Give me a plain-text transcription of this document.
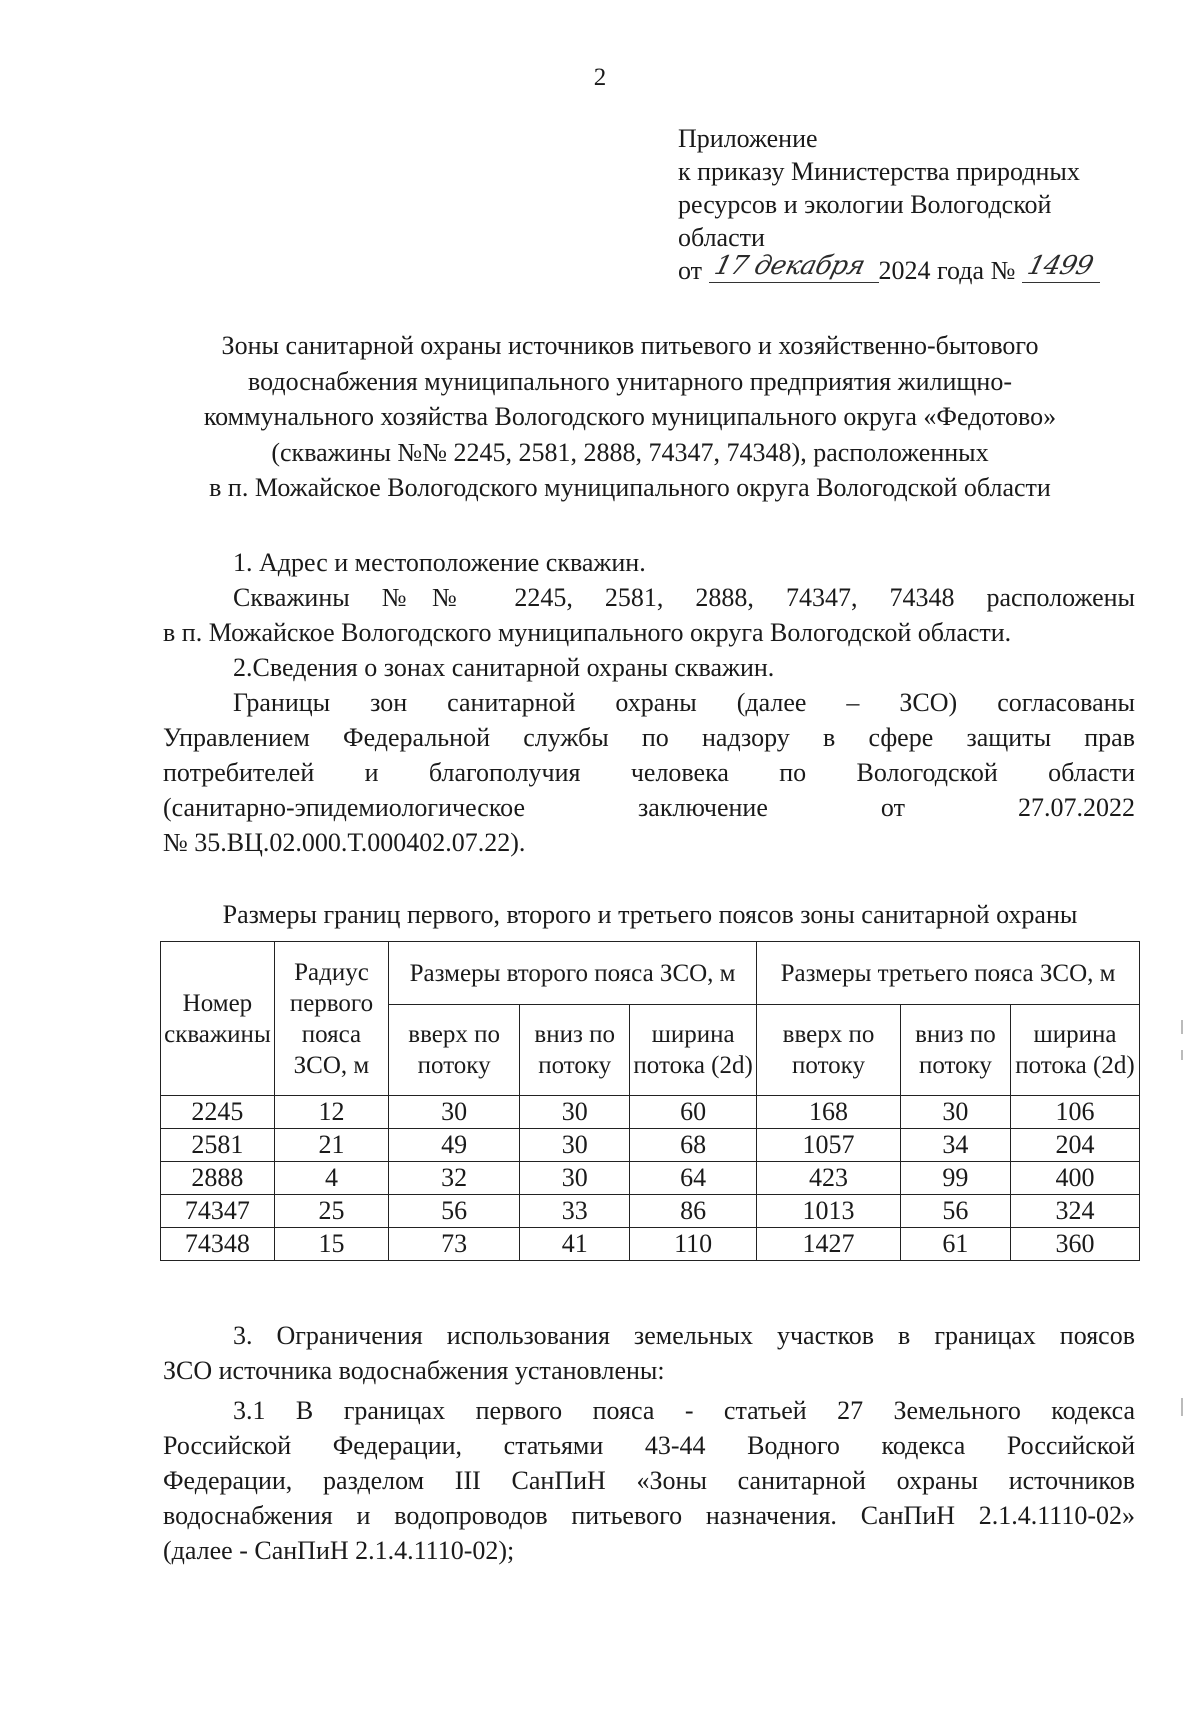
2
Приложение
к приказу Министерства природных
ресурсов и экологии Вологодской
области
от 17 декабря 2024 года № 1499
Зоны санитарной охраны источников питьевого и хозяйственно-бытового
водоснабжения муниципального унитарного предприятия жилищно-
коммунального хозяйства Вологодского муниципального округа «Федотово»
(скважины №№ 2245, 2581, 2888, 74347, 74348), расположенных
в п. Можайское Вологодского муниципального округа Вологодской области
1. Адрес и местоположение скважин.
Скважины №№ 2245, 2581, 2888, 74347, 74348 расположены
в п. Можайское Вологодского муниципального округа Вологодской области.
2.Сведения о зонах санитарной охраны скважин.
Границы зон санитарной охраны (далее – ЗСО) согласованы
Управлением Федеральной службы по надзору в сфере защиты прав
потребителей и благополучия человека по Вологодской области
(санитарно-эпидемиологическое заключение от 27.07.2022
№ 35.ВЦ.02.000.Т.000402.07.22).
Размеры границ первого, второго и третьего поясов зоны санитарной охраны
Номер скважины	Радиус первого пояса ЗСО, м	Размеры второго пояса ЗСО, м			Размеры третьего пояса ЗСО, м		
		вверх по потоку	вниз по потоку	ширина потока (2d)	вверх по потоку	вниз по потоку	ширина потока (2d)
2245	12	30	30	60	168	30	106
2581	21	49	30	68	1057	34	204
2888	4	32	30	64	423	99	400
74347	25	56	33	86	1013	56	324
74348	15	73	41	110	1427	61	360
3. Ограничения использования земельных участков в границах поясов
ЗСО источника водоснабжения установлены:
3.1 В границах первого пояса - статьей 27 Земельного кодекса
Российской Федерации, статьями 43-44 Водного кодекса Российской
Федерации, разделом III СанПиН «Зоны санитарной охраны источников
водоснабжения и водопроводов питьевого назначения. СанПиН 2.1.4.1110-02»
(далее - СанПиН 2.1.4.1110-02);
